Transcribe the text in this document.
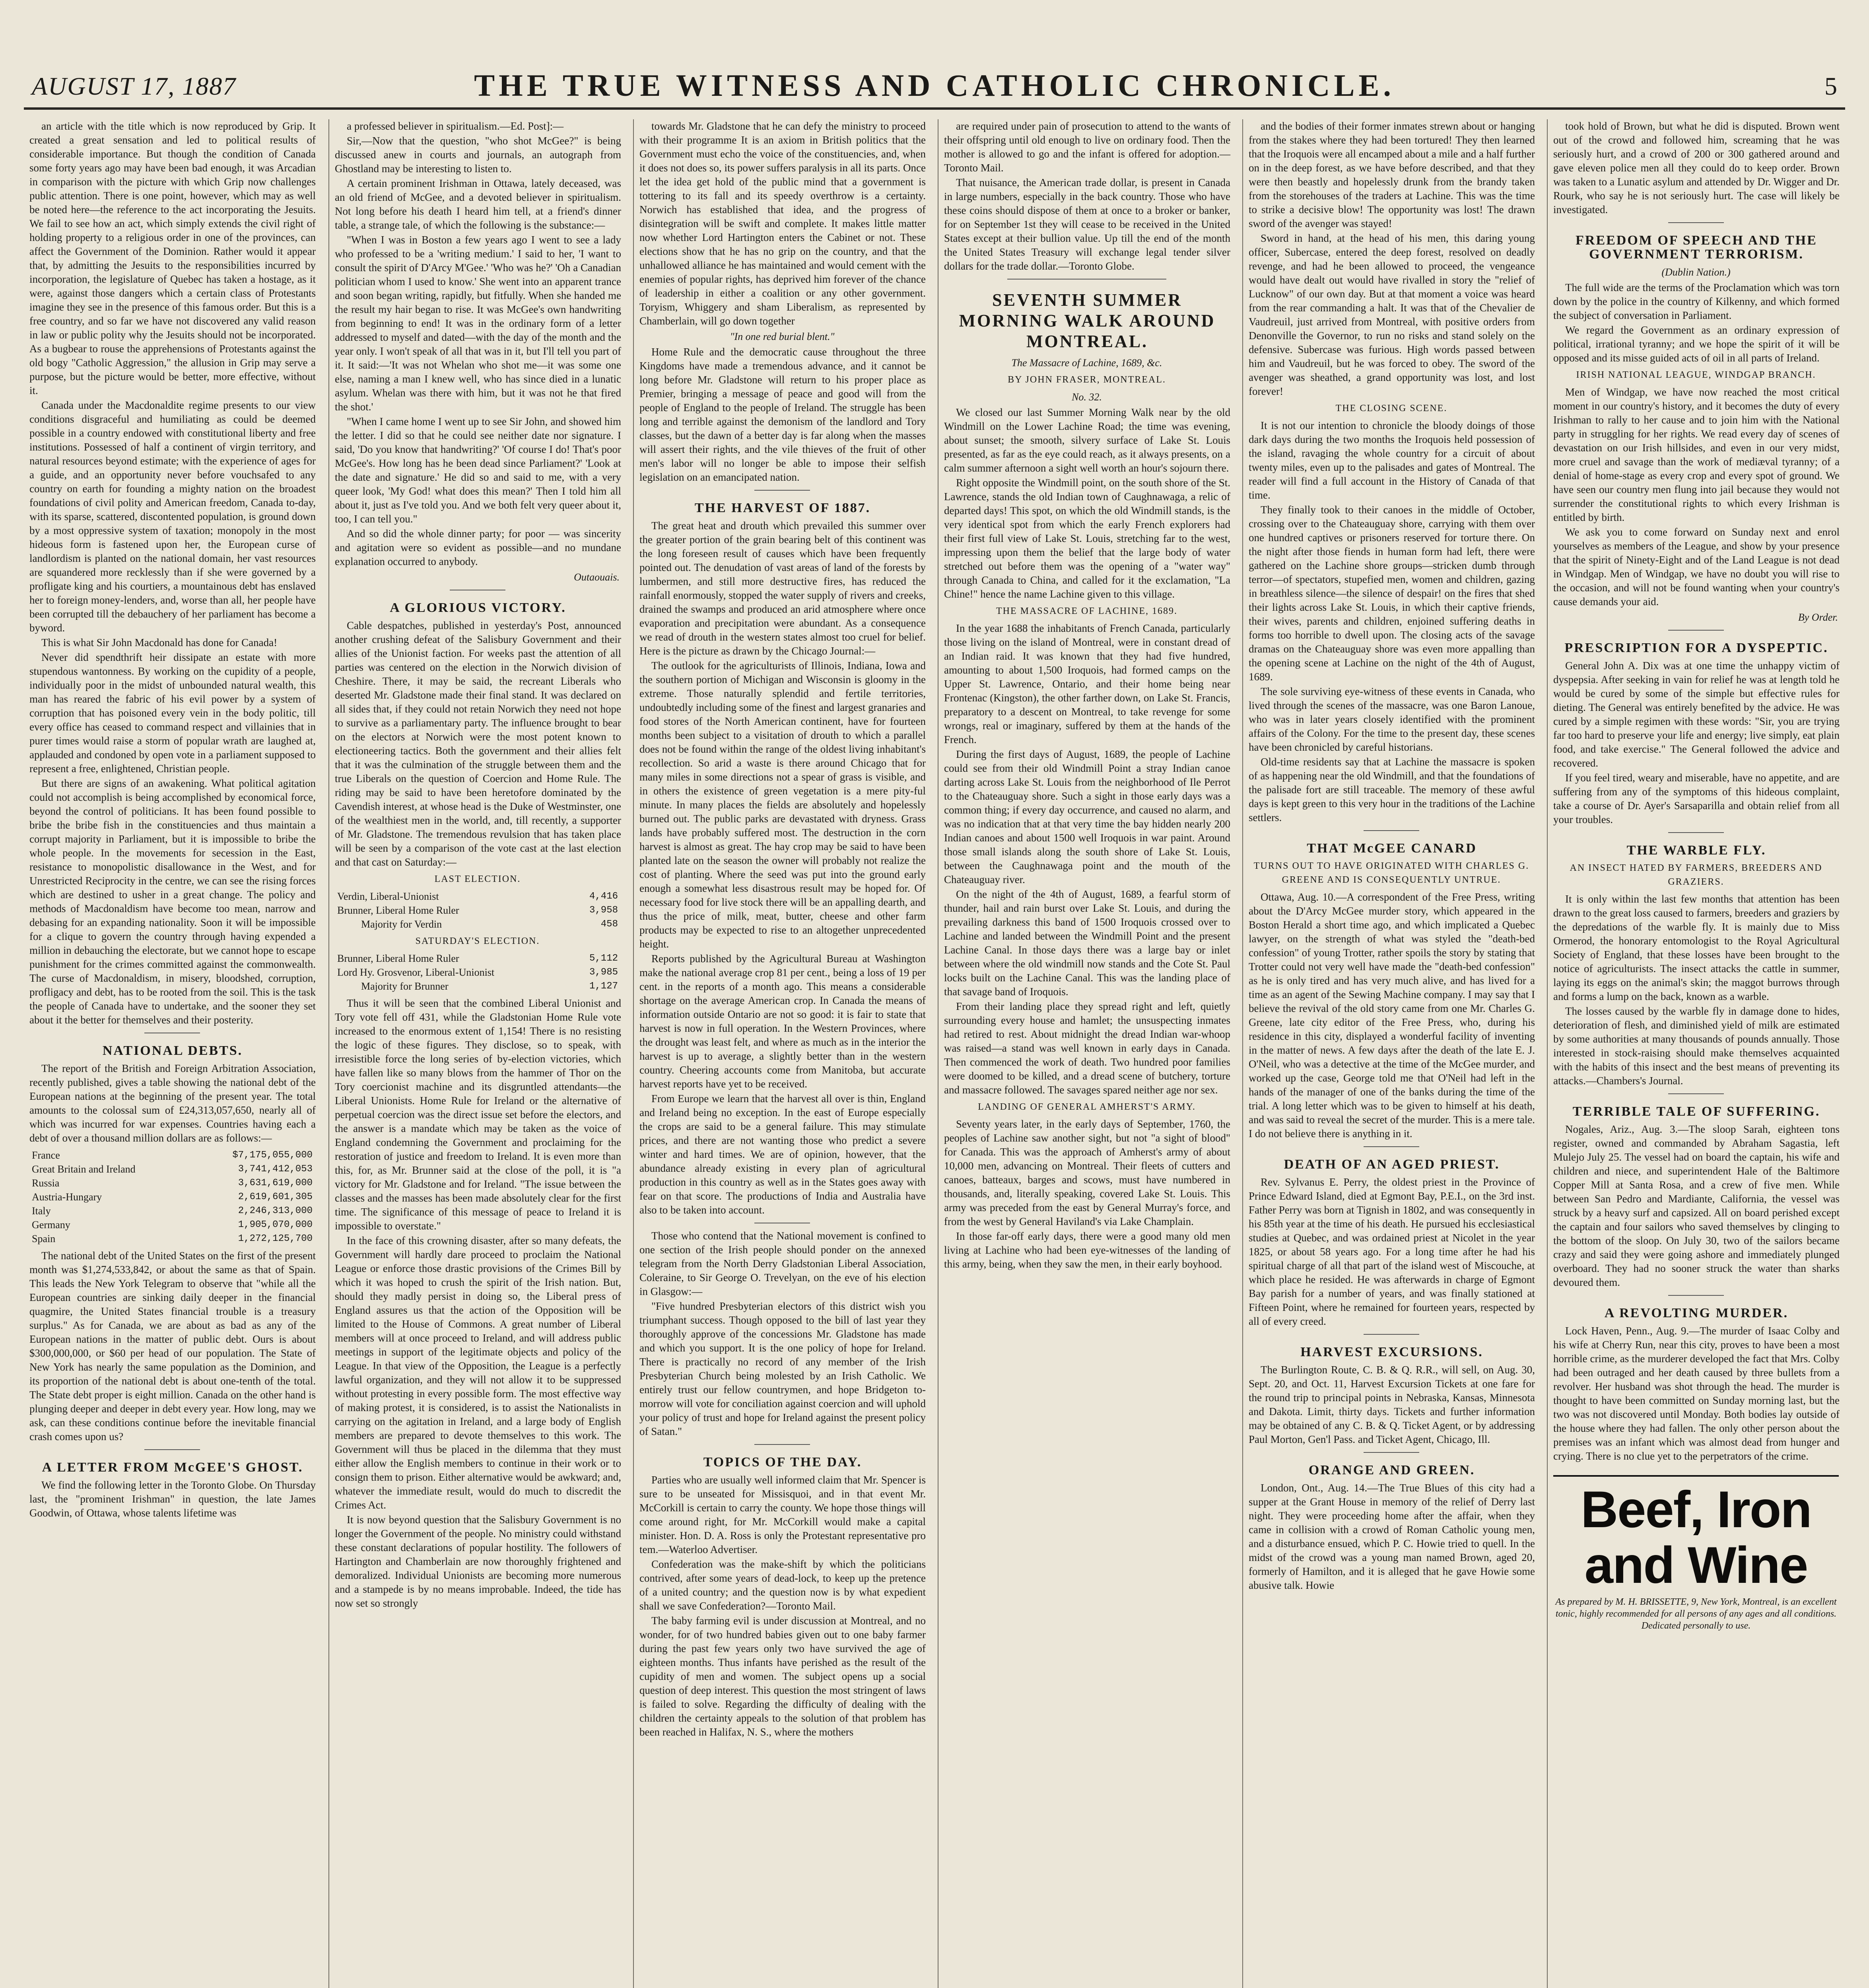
AUGUST 17, 1887	THE TRUE WITNESS AND CATHOLIC CHRONICLE.	5

an article with the title which is now reproduced by Grip. It created a great sensation and led to political results of considerable importance. But though the condition of Canada some forty years ago may have been bad enough, it was Arcadian in comparison with the picture with which Grip now challenges public attention. There is one point, however, which may as well be noted here—the reference to the act incorporating the Jesuits. We fail to see how an act, which simply extends the civil right of holding property to a religious order in one of the provinces, can affect the Government of the Dominion. Rather would it appear that, by admitting the Jesuits to the responsibilities incurred by incorporation, the legislature of Quebec has taken a hostage, as it were, against those dangers which a certain class of Protestants imagine they see in the presence of this famous order. But this is a free country, and so far we have not discovered any valid reason in law or public polity why the Jesuits should not be incorporated. As a bugbear to rouse the apprehensions of Protestants against the old bogy "Catholic Aggression," the allusion in Grip may serve a purpose, but the picture would be better, more effective, without it.

Canada under the Macdonaldite regime presents to our view conditions disgraceful and humiliating as could be deemed possible in a country endowed with constitutional liberty and free institutions. Possessed of half a continent of virgin territory, and natural resources beyond estimate; with the experience of ages for a guide, and an opportunity never before vouchsafed to any country on earth for founding a mighty nation on the broadest foundations of civil polity and American freedom, Canada to-day, with its sparse, scattered, discontented population, is ground down by a most oppressive system of taxation; monopoly in the most hideous form is fastened upon her, the European curse of landlordism is planted on the national domain, her vast resources are squandered more recklessly than if she were governed by a profligate king and his courtiers, a mountainous debt has enslaved her to foreign money-lenders, and, worse than all, her people have been corrupted till the debauchery of her parliament has become a byword.

This is what Sir John Macdonald has done for Canada!

Never did spendthrift heir dissipate an estate with more stupendous wantonness. By working on the cupidity of a people, individually poor in the midst of unbounded natural wealth, this man has reared the fabric of his evil power by a system of corruption that has poisoned every vein in the body politic, till every office has ceased to command respect and villainies that in purer times would raise a storm of popular wrath are laughed at, applauded and condoned by open vote in a parliament supposed to represent a free, enlightened, Christian people.

But there are signs of an awakening. What political agitation could not accomplish is being accomplished by economical force, beyond the control of politicians. It has been found possible to bribe the bribe fish in the constituencies and thus maintain a corrupt majority in Parliament, but it is impossible to bribe the whole people. In the movements for secession in the East, resistance to monopolistic disallowance in the West, and for Unrestricted Reciprocity in the centre, we can see the rising forces which are destined to usher in a great change. The policy and methods of Macdonaldism have become too mean, narrow and debasing for an expanding nationality. Soon it will be impossible for a clique to govern the country through having expended a million in debauching the electorate, but we cannot hope to escape punishment for the crimes committed against the commonwealth. The curse of Macdonaldism, in misery, bloodshed, corruption, profligacy and debt, has to be rooted from the soil. This is the task the people of Canada have to undertake, and the sooner they set about it the better for themselves and their posterity.

NATIONAL DEBTS.

The report of the British and Foreign Arbitration Association, recently published, gives a table showing the national debt of the European nations at the beginning of the present year. The total amounts to the colossal sum of £24,313,057,650, nearly all of which was incurred for war expenses. Countries having each a debt of over a thousand million dollars are as follows:—

France	$7,175,055,000
Great Britain and Ireland	3,741,412,053
Russia	3,631,619,000
Austria-Hungary	2,619,601,305
Italy	2,246,313,000
Germany	1,905,070,000
Spain	1,272,125,700

The national debt of the United States on the first of the present month was $1,274,533,842, or about the same as that of Spain. This leads the New York Telegram to observe that "while all the European countries are sinking daily deeper in the financial quagmire, the United States financial trouble is a treasury surplus." As for Canada, we are about as bad as any of the European nations in the matter of public debt. Ours is about $300,000,000, or $60 per head of our population. The State of New York has nearly the same population as the Dominion, and its proportion of the national debt is about one-tenth of the total. The State debt proper is eight million. Canada on the other hand is plunging deeper and deeper in debt every year. How long, may we ask, can these conditions continue before the inevitable financial crash comes upon us?

A LETTER FROM McGEE'S GHOST.

We find the following letter in the Toronto Globe. On Thursday last, the "prominent Irishman" in question, the late James Goodwin, of Ottawa, whose talents lifetime was

a professed believer in spiritualism.—Ed. Post]:—

Sir,—Now that the question, "who shot McGee?" is being discussed anew in courts and journals, an autograph from Ghostland may be interesting to listen to.

A certain prominent Irishman in Ottawa, lately deceased, was an old friend of McGee, and a devoted believer in spiritualism. Not long before his death I heard him tell, at a friend's dinner table, a strange tale, of which the following is the substance:—

"When I was in Boston a few years ago I went to see a lady who professed to be a 'writing medium.' I said to her, 'I want to consult the spirit of D'Arcy M'Gee.' 'Who was he?' 'Oh a Canadian politician whom I used to know.' She went into an apparent trance and soon began writing, rapidly, but fitfully. When she handed me the result my hair began to rise. It was McGee's own handwriting from beginning to end! It was in the ordinary form of a letter addressed to myself and dated—with the day of the month and the year only. I won't speak of all that was in it, but I'll tell you part of it. It said:—'It was not Whelan who shot me—it was some one else, naming a man I knew well, who has since died in a lunatic asylum. Whelan was there with him, but it was not he that fired the shot.'

"When I came home I went up to see Sir John, and showed him the letter. I did so that he could see neither date nor signature. I said, 'Do you know that handwriting?' 'Of course I do! That's poor McGee's. How long has he been dead since Parliament?' 'Look at the date and signature.' He did so and said to me, with a very queer look, 'My God! what does this mean?' Then I told him all about it, just as I've told you. And we both felt very queer about it, too, I can tell you."

And so did the whole dinner party; for poor — was sincerity and agitation were so evident as possible—and no mundane explanation occurred to anybody.

Outaouais.
A GLORIOUS VICTORY.

Cable despatches, published in yesterday's Post, announced another crushing defeat of the Salisbury Government and their allies of the Unionist faction. For weeks past the attention of all parties was centered on the election in the Norwich division of Cheshire. There, it may be said, the recreant Liberals who deserted Mr. Gladstone made their final stand. It was declared on all sides that, if they could not retain Norwich they need not hope to survive as a parliamentary party. The influence brought to bear on the electors at Norwich were the most potent known to electioneering tactics. Both the government and their allies felt that it was the culmination of the struggle between them and the true Liberals on the question of Coercion and Home Rule. The riding may be said to have been heretofore dominated by the Cavendish interest, at whose head is the Duke of Westminster, one of the wealthiest men in the world, and, till recently, a supporter of Mr. Gladstone. The tremendous revulsion that has taken place will be seen by a comparison of the vote cast at the last election and that cast on Saturday:—

LAST ELECTION.
Verdin, Liberal-Unionist	4,416
Brunner, Liberal Home Ruler	3,958
Majority for Verdin	458
SATURDAY'S ELECTION.
Brunner, Liberal Home Ruler	5,112
Lord Hy. Grosvenor, Liberal-Unionist	3,985
Majority for Brunner	1,127

Thus it will be seen that the combined Liberal Unionist and Tory vote fell off 431, while the Gladstonian Home Rule vote increased to the enormous extent of 1,154! There is no resisting the logic of these figures. They disclose, so to speak, with irresistible force the long series of by-election victories, which have fallen like so many blows from the hammer of Thor on the Tory coercionist machine and its disgruntled attendants—the Liberal Unionists. Home Rule for Ireland or the alternative of perpetual coercion was the direct issue set before the electors, and the answer is a mandate which may be taken as the voice of England condemning the Government and proclaiming for the restoration of justice and freedom to Ireland. It is even more than this, for, as Mr. Brunner said at the close of the poll, it is "a victory for Mr. Gladstone and for Ireland. "The issue between the classes and the masses has been made absolutely clear for the first time. The significance of this message of peace to Ireland it is impossible to overstate."

In the face of this crowning disaster, after so many defeats, the Government will hardly dare proceed to proclaim the National League or enforce those drastic provisions of the Crimes Bill by which it was hoped to crush the spirit of the Irish nation. But, should they madly persist in doing so, the Liberal press of England assures us that the action of the Opposition will be limited to the House of Commons. A great number of Liberal members will at once proceed to Ireland, and will address public meetings in support of the legitimate objects and policy of the League. In that view of the Opposition, the League is a perfectly lawful organization, and they will not allow it to be suppressed without protesting in every possible form. The most effective way of making protest, it is considered, is to assist the Nationalists in carrying on the agitation in Ireland, and a large body of English members are prepared to devote themselves to this work. The Government will thus be placed in the dilemma that they must either allow the English members to continue in their work or to consign them to prison. Either alternative would be awkward; and, whatever the immediate result, would do much to discredit the Crimes Act.

It is now beyond question that the Salisbury Government is no longer the Government of the people. No ministry could withstand these constant declarations of popular hostility. The followers of Hartington and Chamberlain are now thoroughly frightened and demoralized. Individual Unionists are becoming more numerous and a stampede is by no means improbable. Indeed, the tide has now set so strongly

towards Mr. Gladstone that he can defy the ministry to proceed with their programme It is an axiom in British politics that the Government must echo the voice of the constituencies, and, when it does not does so, its power suffers paralysis in all its parts. Once let the idea get hold of the public mind that a government is tottering to its fall and its speedy overthrow is a certainty. Norwich has established that idea, and the progress of disintegration will be swift and complete. It makes little matter now whether Lord Hartington enters the Cabinet or not. These elections show that he has no grip on the country, and that the unhallowed alliance he has maintained and would cement with the enemies of popular rights, has deprived him forever of the chance of leadership in either a coalition or any other government. Toryism, Whiggery and sham Liberalism, as represented by Chamberlain, will go down together

"In one red burial blent."

Home Rule and the democratic cause throughout the three Kingdoms have made a tremendous advance, and it cannot be long before Mr. Gladstone will return to his proper place as Premier, bringing a message of peace and good will from the people of England to the people of Ireland. The struggle has been long and terrible against the demonism of the landlord and Tory classes, but the dawn of a better day is far along when the masses will assert their rights, and the vile thieves of the fruit of other men's labor will no longer be able to impose their selfish legislation on an emancipated nation.

THE HARVEST OF 1887.

The great heat and drouth which prevailed this summer over the greater portion of the grain bearing belt of this continent was the long foreseen result of causes which have been frequently pointed out. The denudation of vast areas of land of the forests by lumbermen, and still more destructive fires, has reduced the rainfall enormously, stopped the water supply of rivers and creeks, drained the swamps and produced an arid atmosphere where once evaporation and precipitation were abundant. As a consequence we read of drouth in the western states almost too cruel for belief. Here is the picture as drawn by the Chicago Journal:—

The outlook for the agriculturists of Illinois, Indiana, Iowa and the southern portion of Michigan and Wisconsin is gloomy in the extreme. Those naturally splendid and fertile territories, undoubtedly including some of the finest and largest granaries and food stores of the North American continent, have for fourteen months been subject to a visitation of drouth to which a parallel does not be found within the range of the oldest living inhabitant's recollection. So arid a waste is there around Chicago that for many miles in some directions not a spear of grass is visible, and in others the existence of green vegetation is a mere pity-ful minute. In many places the fields are absolutely and hopelessly burned out. The public parks are devastated with dryness. Grass lands have probably suffered most. The destruction in the corn harvest is almost as great. The hay crop may be said to have been planted late on the season the owner will probably not realize the cost of planting. Where the seed was put into the ground early enough a somewhat less disastrous result may be hoped for. Of necessary food for live stock there will be an appalling dearth, and thus the price of milk, meat, butter, cheese and other farm products may be expected to rise to an altogether unprecedented height.

Reports published by the Agricultural Bureau at Washington make the national average crop 81 per cent., being a loss of 19 per cent. in the reports of a month ago. This means a considerable shortage on the average American crop. In Canada the means of information outside Ontario are not so good: it is fair to state that harvest is now in full operation. In the Western Provinces, where the drought was least felt, and where as much as in the interior the harvest is up to average, a slightly better than in the western country. Cheering accounts come from Manitoba, but accurate harvest reports have yet to be received.

From Europe we learn that the harvest all over is thin, England and Ireland being no exception. In the east of Europe especially the crops are said to be a general failure. This may stimulate prices, and there are not wanting those who predict a severe winter and hard times. We are of opinion, however, that the abundance already existing in every plan of agricultural production in this country as well as in the States goes away with fear on that score. The productions of India and Australia have also to be taken into account.

Those who contend that the National movement is confined to one section of the Irish people should ponder on the annexed telegram from the North Derry Gladstonian Liberal Association, Coleraine, to Sir George O. Trevelyan, on the eve of his election in Glasgow:—

"Five hundred Presbyterian electors of this district wish you triumphant success. Though opposed to the bill of last year they thoroughly approve of the concessions Mr. Gladstone has made and which you support. It is the one policy of hope for Ireland. There is practically no record of any member of the Irish Presbyterian Church being molested by an Irish Catholic. We entirely trust our fellow countrymen, and hope Bridgeton to-morrow will vote for conciliation against coercion and will uphold your policy of trust and hope for Ireland against the present policy of Satan."

TOPICS OF THE DAY.

Parties who are usually well informed claim that Mr. Spencer is sure to be unseated for Missisquoi, and in that event Mr. McCorkill is certain to carry the county. We hope those things will come around right, for Mr. McCorkill would make a capital minister. Hon. D. A. Ross is only the Protestant representative pro tem.—Waterloo Advertiser.

Confederation was the make-shift by which the politicians contrived, after some years of dead-lock, to keep up the pretence of a united country; and the question now is by what expedient shall we save Confederation?—Toronto Mail.

The baby farming evil is under discussion at Montreal, and no wonder, for of two hundred babies given out to one baby farmer during the past few years only two have survived the age of eighteen months. Thus infants have perished as the result of the cupidity of men and women. The subject opens up a social question of deep interest. This question the most stringent of laws is failed to solve. Regarding the difficulty of dealing with the children the certainty appeals to the solution of that problem has been reached in Halifax, N. S., where the mothers

are required under pain of prosecution to attend to the wants of their offspring until old enough to live on ordinary food. Then the mother is allowed to go and the infant is offered for adoption.—Toronto Mail.

That nuisance, the American trade dollar, is present in Canada in large numbers, especially in the back country. Those who have these coins should dispose of them at once to a broker or banker, for on September 1st they will cease to be received in the United States except at their bullion value. Up till the end of the month the United States Treasury will exchange legal tender silver dollars for the trade dollar.—Toronto Globe.

SEVENTH SUMMER MORNING WALK AROUND MONTREAL.
The Massacre of Lachine, 1689, &c.
BY JOHN FRASER, MONTREAL.
No. 32.

We closed our last Summer Morning Walk near by the old Windmill on the Lower Lachine Road; the time was evening, about sunset; the smooth, silvery surface of Lake St. Louis presented, as far as the eye could reach, as it always presents, on a calm summer afternoon a sight well worth an hour's sojourn there.

Right opposite the Windmill point, on the south shore of the St. Lawrence, stands the old Indian town of Caughnawaga, a relic of departed days! This spot, on which the old Windmill stands, is the very identical spot from which the early French explorers had their first full view of Lake St. Louis, stretching far to the west, impressing upon them the belief that the large body of water stretched out before them was the opening of a "water way" through Canada to China, and called for it the exclamation, "La Chine!" hence the name Lachine given to this village.

THE MASSACRE OF LACHINE, 1689.

In the year 1688 the inhabitants of French Canada, particularly those living on the island of Montreal, were in constant dread of an Indian raid. It was known that they had five hundred, amounting to about 1,500 Iroquois, had formed camps on the Upper St. Lawrence, Ontario, and their home being near Frontenac (Kingston), the other farther down, on Lake St. Francis, preparatory to a descent on Montreal, to take revenge for some wrongs, real or imaginary, suffered by them at the hands of the French.

During the first days of August, 1689, the people of Lachine could see from their old Windmill Point a stray Indian canoe darting across Lake St. Louis from the neighborhood of Ile Perrot to the Chateauguay shore. Such a sight in those early days was a common thing; if every day occurrence, and caused no alarm, and was no indication that at that very time the bay hidden nearly 200 Indian canoes and about 1500 well Iroquois in war paint. Around those small islands along the south shore of Lake St. Louis, between the Caughnawaga point and the mouth of the Chateauguay river.

On the night of the 4th of August, 1689, a fearful storm of thunder, hail and rain burst over Lake St. Louis, and during the prevailing darkness this band of 1500 Iroquois crossed over to Lachine and landed between the Windmill Point and the present Lachine Canal. In those days there was a large bay or inlet between where the old windmill now stands and the Cote St. Paul locks built on the Lachine Canal. This was the landing place of that savage band of Iroquois.

From their landing place they spread right and left, quietly surrounding every house and hamlet; the unsuspecting inmates had retired to rest. About midnight the dread Indian war-whoop was raised—a stand was well known in early days in Canada. Then commenced the work of death. Two hundred poor families were doomed to be killed, and a dread scene of butchery, torture and massacre followed. The savages spared neither age nor sex.

LANDING OF GENERAL AMHERST'S ARMY.

Seventy years later, in the early days of September, 1760, the peoples of Lachine saw another sight, but not "a sight of blood" for Canada. This was the approach of Amherst's army of about 10,000 men, advancing on Montreal. Their fleets of cutters and canoes, batteaux, barges and scows, must have numbered in thousands, and, literally speaking, covered Lake St. Louis. This army was preceded from the east by General Murray's force, and from the west by General Haviland's via Lake Champlain.

In those far-off early days, there were a good many old men living at Lachine who had been eye-witnesses of the landing of this army, being, when they saw the men, in their early boyhood.

and the bodies of their former inmates strewn about or hanging from the stakes where they had been tortured! They then learned that the Iroquois were all encamped about a mile and a half further on in the deep forest, as we have before described, and that they were then beastly and hopelessly drunk from the brandy taken from the storehouses of the traders at Lachine. This was the time to strike a decisive blow! The opportunity was lost! The drawn sword of the avenger was stayed!

Sword in hand, at the head of his men, this daring young officer, Subercase, entered the deep forest, resolved on deadly revenge, and had he been allowed to proceed, the vengeance would have dealt out would have rivalled in story the "relief of Lucknow" of our own day. But at that moment a voice was heard from the rear commanding a halt. It was that of the Chevalier de Vaudreuil, just arrived from Montreal, with positive orders from Denonville the Governor, to run no risks and stand solely on the defensive. Subercase was furious. High words passed between him and Vaudreuil, but he was forced to obey. The sword of the avenger was sheathed, a grand opportunity was lost, and lost forever!

THE CLOSING SCENE.

It is not our intention to chronicle the bloody doings of those dark days during the two months the Iroquois held possession of the island, ravaging the whole country for a circuit of about twenty miles, even up to the palisades and gates of Montreal. The reader will find a full account in the History of Canada of that time.

They finally took to their canoes in the middle of October, crossing over to the Chateauguay shore, carrying with them over one hundred captives or prisoners reserved for torture there. On the night after those fiends in human form had left, there were gathered on the Lachine shore groups—stricken dumb through terror—of spectators, stupefied men, women and children, gazing in breathless silence—the silence of despair! on the fires that shed their lights across Lake St. Louis, in which their captive friends, their wives, parents and children, enjoined suffering deaths in forms too horrible to dwell upon. The closing acts of the savage dramas on the Chateauguay shore was even more appalling than the opening scene at Lachine on the night of the 4th of August, 1689.

The sole surviving eye-witness of these events in Canada, who lived through the scenes of the massacre, was one Baron Lanoue, who was in later years closely identified with the prominent affairs of the Colony. For the time to the present day, these scenes have been chronicled by careful historians.

Old-time residents say that at Lachine the massacre is spoken of as happening near the old Windmill, and that the foundations of the palisade fort are still traceable. The memory of these awful days is kept green to this very hour in the traditions of the Lachine settlers.

THAT McGEE CANARD
TURNS OUT TO HAVE ORIGINATED WITH CHARLES G. GREENE AND IS CONSEQUENTLY UNTRUE.

Ottawa, Aug. 10.—A correspondent of the Free Press, writing about the D'Arcy McGee murder story, which appeared in the Boston Herald a short time ago, and which implicated a Quebec lawyer, on the strength of what was styled the "death-bed confession" of young Trotter, rather spoils the story by stating that Trotter could not very well have made the "death-bed confession" as he is only tired and has very much alive, and has lived for a time as an agent of the Sewing Machine company. I may say that I believe the revival of the old story came from one Mr. Charles G. Greene, late city editor of the Free Press, who, during his residence in this city, displayed a wonderful facility of inventing in the matter of news. A few days after the death of the late E. J. O'Neil, who was a detective at the time of the McGee murder, and worked up the case, George told me that O'Neil had left in the hands of the manager of one of the banks during the time of the trial. A long letter which was to be given to himself at his death, and was said to reveal the secret of the murder. This is a mere tale. I do not believe there is anything in it.

DEATH OF AN AGED PRIEST.

Rev. Sylvanus E. Perry, the oldest priest in the Province of Prince Edward Island, died at Egmont Bay, P.E.I., on the 3rd inst. Father Perry was born at Tignish in 1802, and was consequently in his 85th year at the time of his death. He pursued his ecclesiastical studies at Quebec, and was ordained priest at Nicolet in the year 1825, or about 58 years ago. For a long time after he had his spiritual charge of all that part of the island west of Miscouche, at which place he resided. He was afterwards in charge of Egmont Bay parish for a number of years, and was finally stationed at Fifteen Point, where he remained for fourteen years, respected by all of every creed.

HARVEST EXCURSIONS.

The Burlington Route, C. B. & Q. R.R., will sell, on Aug. 30, Sept. 20, and Oct. 11, Harvest Excursion Tickets at one fare for the round trip to principal points in Nebraska, Kansas, Minnesota and Dakota. Limit, thirty days. Tickets and further information may be obtained of any C. B. & Q. Ticket Agent, or by addressing Paul Morton, Gen'l Pass. and Ticket Agent, Chicago, Ill.

ORANGE AND GREEN.

London, Ont., Aug. 14.—The True Blues of this city had a supper at the Grant House in memory of the relief of Derry last night. They were proceeding home after the affair, when they came in collision with a crowd of Roman Catholic young men, and a disturbance ensued, which P. C. Howie tried to quell. In the midst of the crowd was a young man named Brown, aged 20, formerly of Hamilton, and it is alleged that he gave Howie some abusive talk. Howie

took hold of Brown, but what he did is disputed. Brown went out of the crowd and followed him, screaming that he was seriously hurt, and a crowd of 200 or 300 gathered around and gave eleven police men all they could do to keep order. Brown was taken to a Lunatic asylum and attended by Dr. Wigger and Dr. Rourk, who say he is not seriously hurt. The case will likely be investigated.

FREEDOM OF SPEECH AND THE GOVERNMENT TERRORISM.
(Dublin Nation.)

The full wide are the terms of the Proclamation which was torn down by the police in the country of Kilkenny, and which formed the subject of conversation in Parliament.

We regard the Government as an ordinary expression of political, irrational tyranny; and we hope the spirit of it will be opposed and its misse guided acts of oil in all parts of Ireland.

IRISH NATIONAL LEAGUE, WINDGAP BRANCH.

Men of Windgap, we have now reached the most critical moment in our country's history, and it becomes the duty of every Irishman to rally to her cause and to join him with the National party in struggling for her rights. We read every day of scenes of devastation on our Irish hillsides, and even in our very midst, more cruel and savage than the work of mediæval tyranny; of a denial of home-stage as every crop and every spot of ground. We have seen our country men flung into jail because they would not surrender the constitutional rights to which every Irishman is entitled by birth.

We ask you to come forward on Sunday next and enrol yourselves as members of the League, and show by your presence that the spirit of Ninety-Eight and of the Land League is not dead in Windgap. Men of Windgap, we have no doubt you will rise to the occasion, and will not be found wanting when your country's cause demands your aid.

By Order.
PRESCRIPTION FOR A DYSPEPTIC.

General John A. Dix was at one time the unhappy victim of dyspepsia. After seeking in vain for relief he was at length told he would be cured by some of the simple but effective rules for dieting. The General was entirely benefited by the advice. He was cured by a simple regimen with these words: "Sir, you are trying far too hard to preserve your life and energy; live simply, eat plain food, and take exercise." The General followed the advice and recovered.

If you feel tired, weary and miserable, have no appetite, and are suffering from any of the symptoms of this hideous complaint, take a course of Dr. Ayer's Sarsaparilla and obtain relief from all your troubles.

THE WARBLE FLY.
AN INSECT HATED BY FARMERS, BREEDERS AND GRAZIERS.

It is only within the last few months that attention has been drawn to the great loss caused to farmers, breeders and graziers by the depredations of the warble fly. It is mainly due to Miss Ormerod, the honorary entomologist to the Royal Agricultural Society of England, that these losses have been brought to the notice of agriculturists. The insect attacks the cattle in summer, laying its eggs on the animal's skin; the maggot burrows through and forms a lump on the back, known as a warble.

The losses caused by the warble fly in damage done to hides, deterioration of flesh, and diminished yield of milk are estimated by some authorities at many thousands of pounds annually. Those interested in stock-raising should make themselves acquainted with the habits of this insect and the best means of preventing its attacks.—Chambers's Journal.

TERRIBLE TALE OF SUFFERING.

Nogales, Ariz., Aug. 3.—The sloop Sarah, eighteen tons register, owned and commanded by Abraham Sagastia, left Mulejo July 25. The vessel had on board the captain, his wife and children and niece, and superintendent Hale of the Baltimore Copper Mill at Santa Rosa, and a crew of five men. While between San Pedro and Mardiante, California, the vessel was struck by a heavy surf and capsized. All on board perished except the captain and four sailors who saved themselves by clinging to the bottom of the sloop. On July 30, two of the sailors became crazy and said they were going ashore and immediately plunged overboard. They had no sooner struck the water than sharks devoured them.

A REVOLTING MURDER.

Lock Haven, Penn., Aug. 9.—The murder of Isaac Colby and his wife at Cherry Run, near this city, proves to have been a most horrible crime, as the murderer developed the fact that Mrs. Colby had been outraged and her death caused by three bullets from a revolver. Her husband was shot through the head. The murder is thought to have been committed on Sunday morning last, but the two was not discovered until Monday. Both bodies lay outside of the house where they had fallen. The only other person about the premises was an infant which was almost dead from hunger and crying. There is no clue yet to the perpetrators of the crime.

Beef, Iron and Wine
As prepared by M. H. BRISSETTE, 9, New York, Montreal, is an excellent tonic, highly recommended for all persons of any ages and all conditions. Dedicated personally to use.
